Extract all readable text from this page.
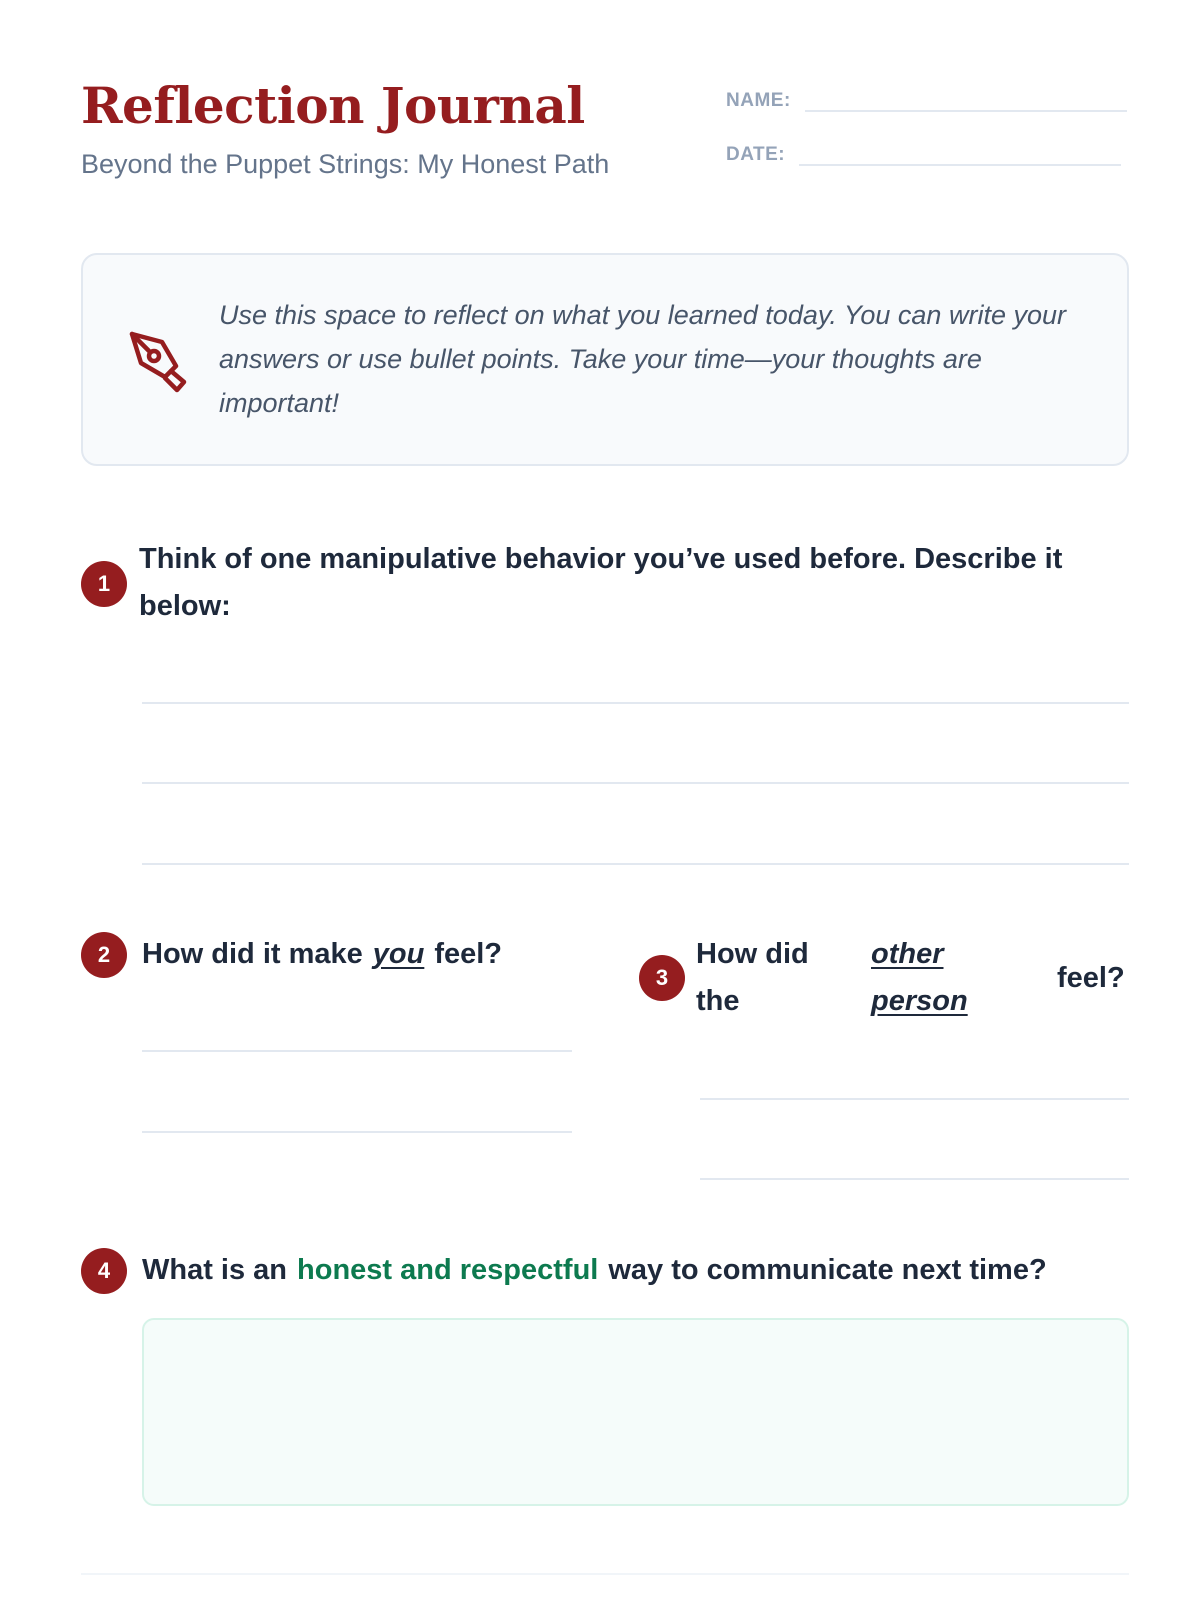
Reflection Journal
Beyond the Puppet Strings: My Honest Path
NAME:
DATE:
Use this space to reflect on what you learned today. You can write your answers or use bullet points. Take your time—your thoughts are important!
1
Think of one manipulative behavior you’ve used before. Describe it below:
2	How did it make you feel?
3
How did
the
other
person
feel?
4	What is an honest and respectful way to communicate next time?
